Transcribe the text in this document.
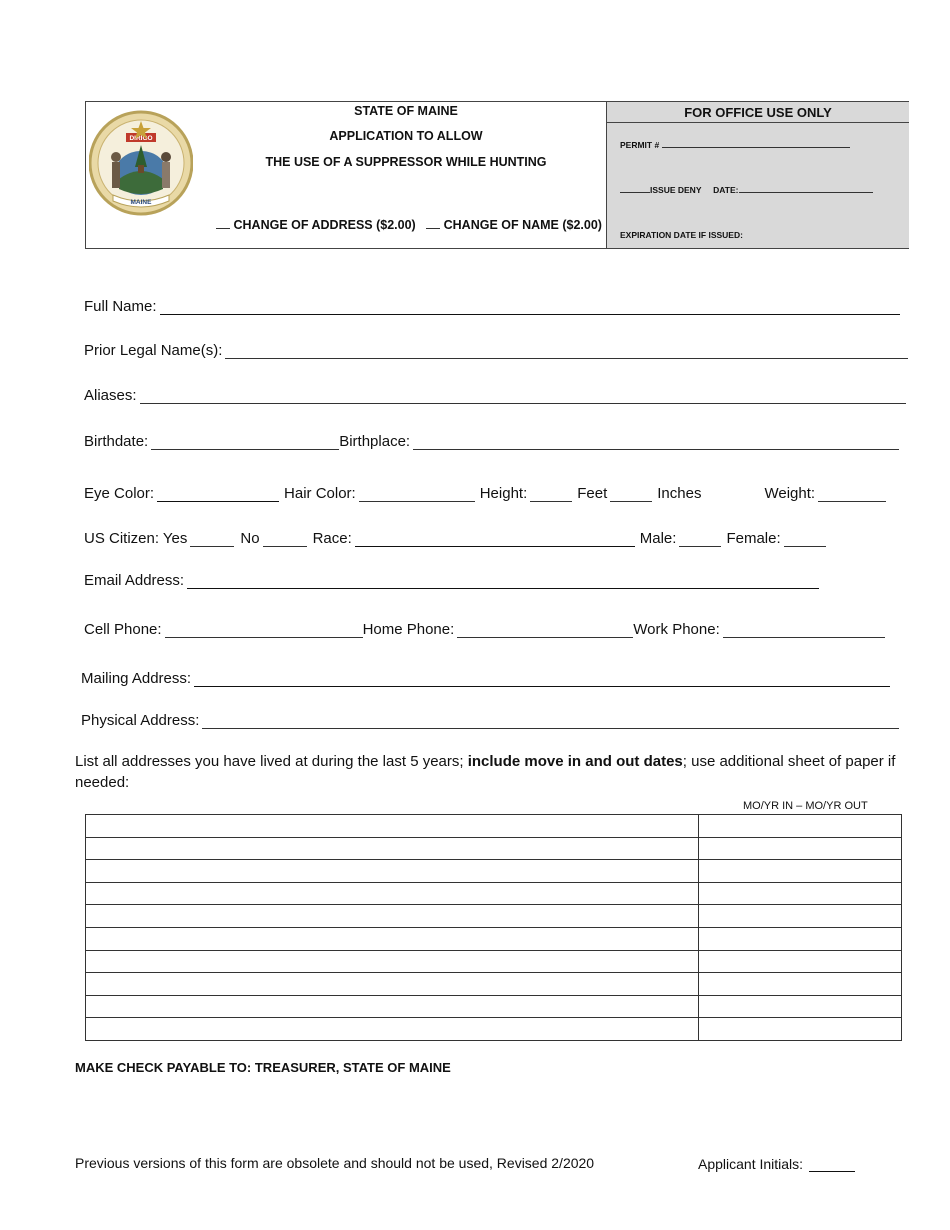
DIRIGO
MAINE
STATE OF MAINE
APPLICATION TO ALLOW
THE USE OF A SUPPRESSOR WHILE HUNTING
CHANGE OF ADDRESS ($2.00) CHANGE OF NAME ($2.00)
FOR OFFICE USE ONLY
PERMIT #
ISSUE DENY DATE:
EXPIRATION DATE IF ISSUED:
Full Name:
Prior Legal Name(s):
Aliases:
Birthdate:	Birthplace:
Eye Color:	Hair Color:	Height:	Feet	Inches	Weight:
US Citizen: Yes	No	Race:	Male:	Female:
Email Address:
Cell Phone:	Home Phone:	Work Phone:
Mailing Address:
Physical Address:
List all addresses you have lived at during the last 5 years; include move in and out dates; use additional sheet of paper if needed:
MO/YR IN – MO/YR OUT

MAKE CHECK PAYABLE TO: TREASURER, STATE OF MAINE
Previous versions of this form are obsolete and should not be used, Revised 2/2020	Applicant Initials:
